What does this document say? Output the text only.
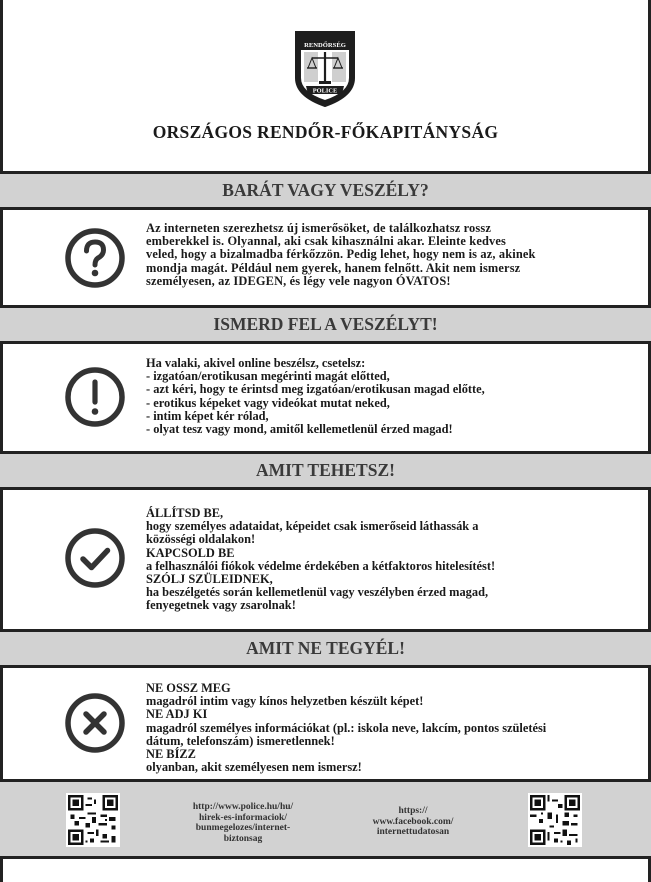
RENDŐRSÉG
POLICE
ORSZÁGOS RENDŐR-FŐKAPITÁNYSÁG
BARÁT VAGY VESZÉLY?
Az interneten szerezhetsz új ismerősöket, de találkozhatsz rossz
emberekkel is. Olyannal, aki csak kihasználni akar. Eleinte kedves
veled, hogy a bizalmadba férkőzzön. Pedig lehet, hogy nem is az, akinek
mondja magát. Például nem gyerek, hanem felnőtt. Akit nem ismersz
személyesen, az IDEGEN, és légy vele nagyon ÓVATOS!
ISMERD FEL A VESZÉLYT!
Ha valaki, akivel online beszélsz, csetelsz:
- izgatóan/erotikusan megérinti magát előtted,
- azt kéri, hogy te érintsd meg izgatóan/erotikusan magad előtte,
- erotikus képeket vagy videókat mutat neked,
- intim képet kér rólad,
- olyat tesz vagy mond, amitől kellemetlenül érzed magad!
AMIT TEHETSZ!
ÁLLÍTSD BE,
hogy személyes adataidat, képeidet csak ismerőseid láthassák a
közösségi oldalakon!
KAPCSOLD BE
a felhasználói fiókok védelme érdekében a kétfaktoros hitelesítést!
SZÓLJ SZÜLEIDNEK,
ha beszélgetés során kellemetlenül vagy veszélyben érzed magad,
fenyegetnek vagy zsarolnak!
AMIT NE TEGYÉL!
NE OSSZ MEG
magadról intim vagy kínos helyzetben készült képet!
NE ADJ KI
magadról személyes információkat (pl.: iskola neve, lakcím, pontos születési
dátum, telefonszám) ismeretlennek!
NE BÍZZ
olyanban, akit személyesen nem ismersz!
http://www.police.hu/hu/
hirek-es-informaciok/
bunmegelozes/internet-
biztonsag
https://
www.facebook.com/
internettudatosan
